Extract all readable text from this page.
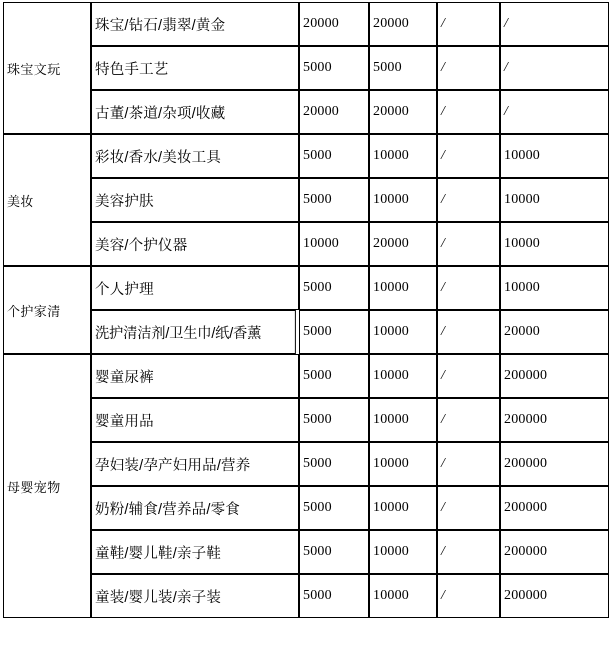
珠宝文玩	珠宝/钻石/翡翠/黄金	20000	20000	/	/
	特色手工艺	5000	5000	/	/
	古董/茶道/杂项/收藏	20000	20000	/	/
美妆	彩妆/香水/美妆工具	5000	10000	/	10000
	美容护肤	5000	10000	/	10000
	美容/个护仪器	10000	20000	/	10000
个护家清	个人护理	5000	10000	/	10000
	洗护清洁剂/卫生巾/纸/香薰	5000	10000	/	20000
母婴宠物	婴童尿裤	5000	10000	/	200000
	婴童用品	5000	10000	/	200000
	孕妇装/孕产妇用品/营养	5000	10000	/	200000
	奶粉/辅食/营养品/零食	5000	10000	/	200000
	童鞋/婴儿鞋/亲子鞋	5000	10000	/	200000
	童装/婴儿装/亲子装	5000	10000	/	200000
